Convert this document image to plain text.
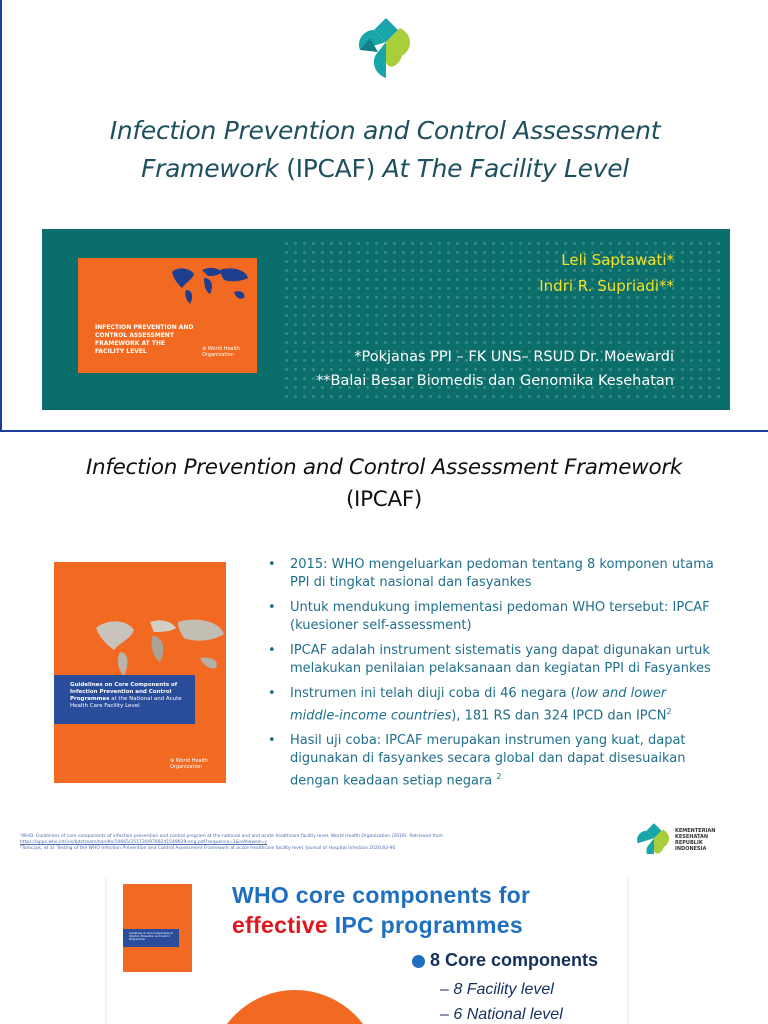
Infection Prevention and Control Assessment
Framework (IPCAF) At The Facility Level
INFECTION PREVENTION AND CONTROL ASSESSMENT FRAMEWORK AT THE FACILITY LEVEL	⊕ World Health Organization
Leli Saptawati*
Indri R. Supriadi**
*Pokjanas PPI – FK UNS– RSUD Dr. Moewardi
**Balai Besar Biomedis dan Genomika Kesehatan
Infection Prevention and Control Assessment Framework
(IPCAF)
Guidelines on Core Components of Infection Prevention and Control Programmes at the National and Acute Health Care Facility Level
⊕ World Health Organization
• 2015: WHO mengeluarkan pedoman tentang 8 komponen utama PPI di tingkat nasional dan fasyankes
• Untuk mendukung implementasi pedoman WHO tersebut: IPCAF (kuesioner self-assessment)
• IPCAF adalah instrument sistematis yang dapat digunakan urtuk melakukan penilaian pelaksanaan dan kegiatan PPI di Fasyankes
• Instrumen ini telah diuji coba di 46 negara (low and lower middle-income countries), 181 RS dan 324 IPCD dan IPCN$^2$
• Hasil uji coba: IPCAF merupakan instrumen yang kuat, dapat digunakan di fasyankes secara global dan dapat disesuaikan dengan keadaan setiap negara $^2$
¹WHO. Guidelines of core components of infection prevention and control program at the national and and acute healthcare facility level. World Health Organization (2016). Retrieved from
https://apps.who.int/iris/bitstream/handle/10665/251730/9789241549929-eng.pdf?sequence=1&isAllowed=y
²Tomczyk, et al. Testing of the WHO Infection Prevention and Control Assessment Framework at acute healthcare facility level. Journal of Hospital Infection 2020;83-90
KEMENTERIAN KESEHATAN REPUBLIK INDONESIA
Guidelines on Core Components of Infection Prevention and Control Programmes
WHO core components for
effective IPC programmes
8 Core components
– 8 Facility level
– 6 National level
